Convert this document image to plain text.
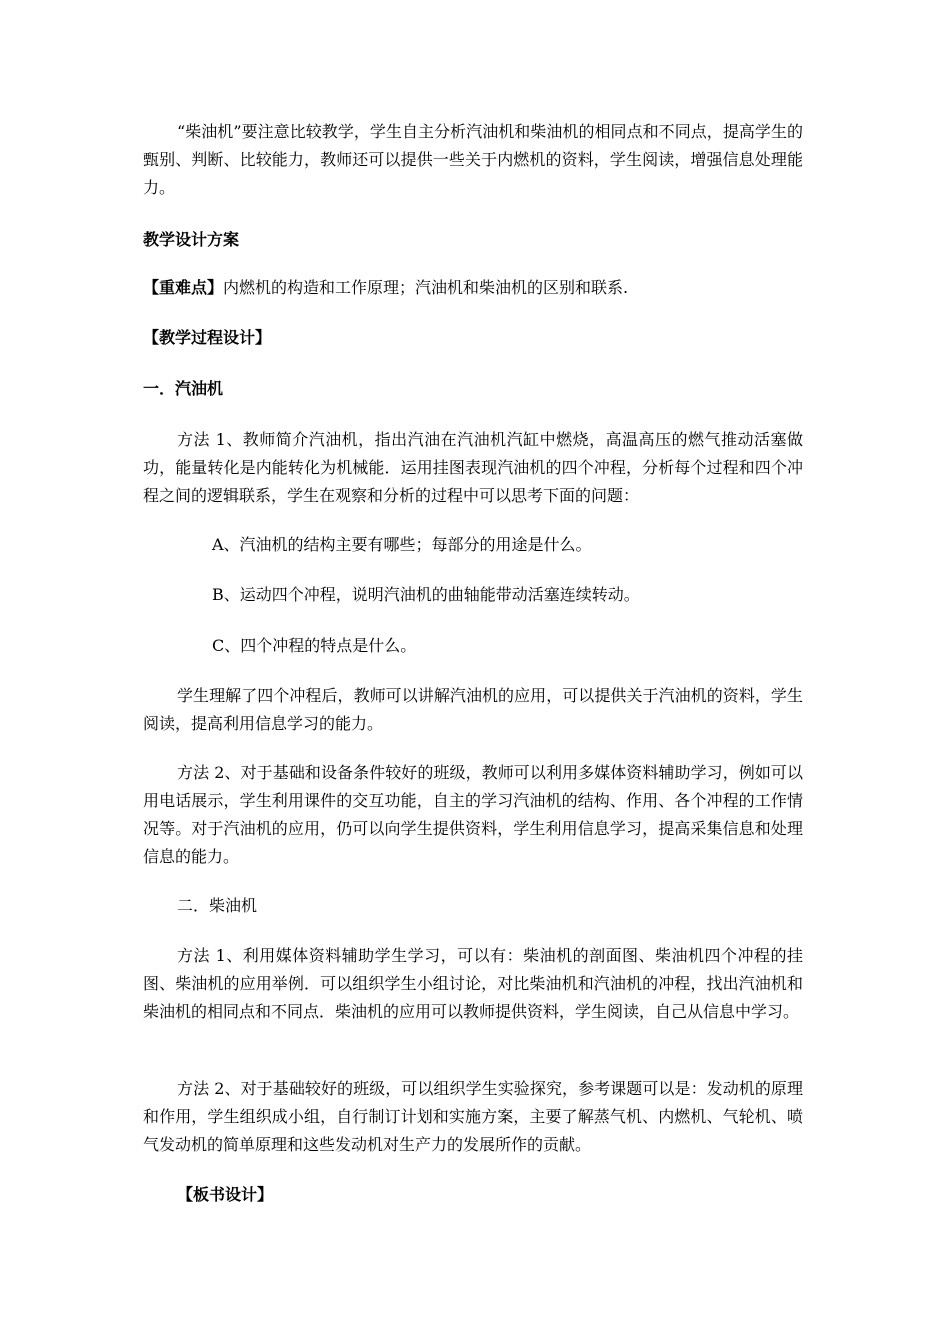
“柴油机”要注意比较教学，学生自主分析汽油机和柴油机的相同点和不同点，提高学生的甄别、判断、比较能力，教师还可以提供一些关于内燃机的资料，学生阅读，增强信息处理能力。

教学设计方案

【重难点】内燃机的构造和工作原理；汽油机和柴油机的区别和联系.

【教学过程设计】

一．汽油机

方法 1、教师简介汽油机，指出汽油在汽油机汽缸中燃烧，高温高压的燃气推动活塞做功，能量转化是内能转化为机械能．运用挂图表现汽油机的四个冲程，分析每个过程和四个冲程之间的逻辑联系，学生在观察和分析的过程中可以思考下面的问题：

A、汽油机的结构主要有哪些；每部分的用途是什么。

B、运动四个冲程，说明汽油机的曲轴能带动活塞连续转动。

C、四个冲程的特点是什么。

学生理解了四个冲程后，教师可以讲解汽油机的应用，可以提供关于汽油机的资料，学生阅读，提高利用信息学习的能力。

方法 2、对于基础和设备条件较好的班级，教师可以利用多媒体资料辅助学习，例如可以用电话展示，学生利用课件的交互功能，自主的学习汽油机的结构、作用、各个冲程的工作情况等。对于汽油机的应用，仍可以向学生提供资料，学生利用信息学习，提高采集信息和处理信息的能力。

二．柴油机

方法 1、利用媒体资料辅助学生学习，可以有：柴油机的剖面图、柴油机四个冲程的挂图、柴油机的应用举例．可以组织学生小组讨论，对比柴油机和汽油机的冲程，找出汽油机和柴油机的相同点和不同点．柴油机的应用可以教师提供资料，学生阅读，自己从信息中学习。

方法 2、对于基础较好的班级，可以组织学生实验探究，参考课题可以是：发动机的原理和作用，学生组织成小组，自行制订计划和实施方案，主要了解蒸气机、内燃机、气轮机、喷气发动机的简单原理和这些发动机对生产力的发展所作的贡献。

【板书设计】
